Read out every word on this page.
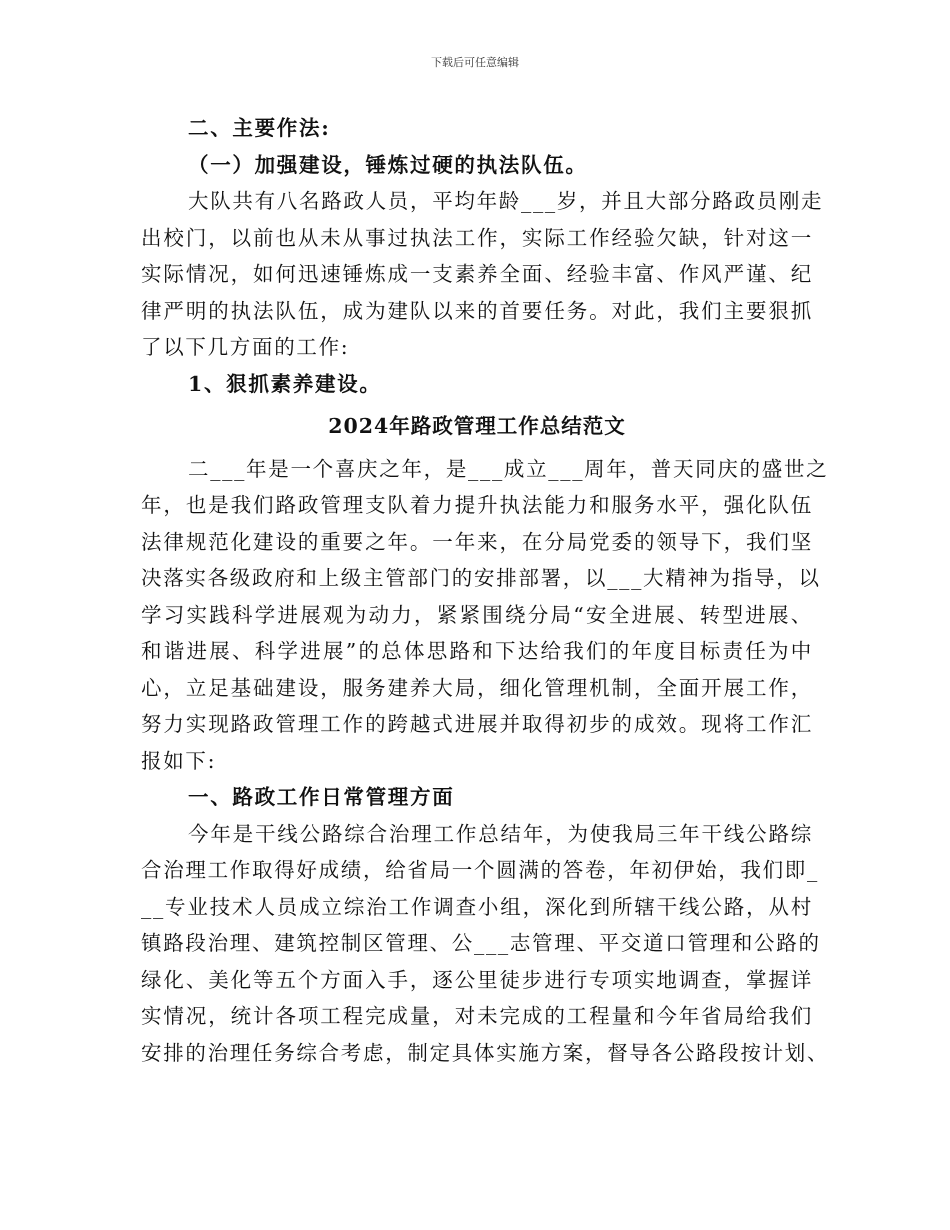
下载后可任意编辑
二、主要作法:
（一）加强建设，锤炼过硬的执法队伍。
大队共有八名路政人员，平均年龄___岁，并且大部分路政员刚走
出校门，以前也从未从事过执法工作，实际工作经验欠缺，针对这一
实际情况，如何迅速锤炼成一支素养全面、经验丰富、作风严谨、纪
律严明的执法队伍，成为建队以来的首要任务。对此，我们主要狠抓
了以下几方面的工作:
1、狠抓素养建设。
2024年路政管理工作总结范文
二___年是一个喜庆之年，是___成立___周年，普天同庆的盛世之
年，也是我们路政管理支队着力提升执法能力和服务水平，强化队伍
法律规范化建设的重要之年。一年来，在分局党委的领导下，我们坚
决落实各级政府和上级主管部门的安排部署，以___大精神为指导，以
学习实践科学进展观为动力，紧紧围绕分局“安全进展、转型进展、
和谐进展、科学进展”的总体思路和下达给我们的年度目标责任为中
心，立足基础建设，服务建养大局，细化管理机制，全面开展工作，
努力实现路政管理工作的跨越式进展并取得初步的成效。现将工作汇
报如下:
一、路政工作日常管理方面
今年是干线公路综合治理工作总结年，为使我局三年干线公路综
合治理工作取得好成绩，给省局一个圆满的答卷，年初伊始，我们即_
__专业技术人员成立综治工作调查小组，深化到所辖干线公路，从村
镇路段治理、建筑控制区管理、公___志管理、平交道口管理和公路的
绿化、美化等五个方面入手，逐公里徒步进行专项实地调查，掌握详
实情况，统计各项工程完成量，对未完成的工程量和今年省局给我们
安排的治理任务综合考虑，制定具体实施方案，督导各公路段按计划、
